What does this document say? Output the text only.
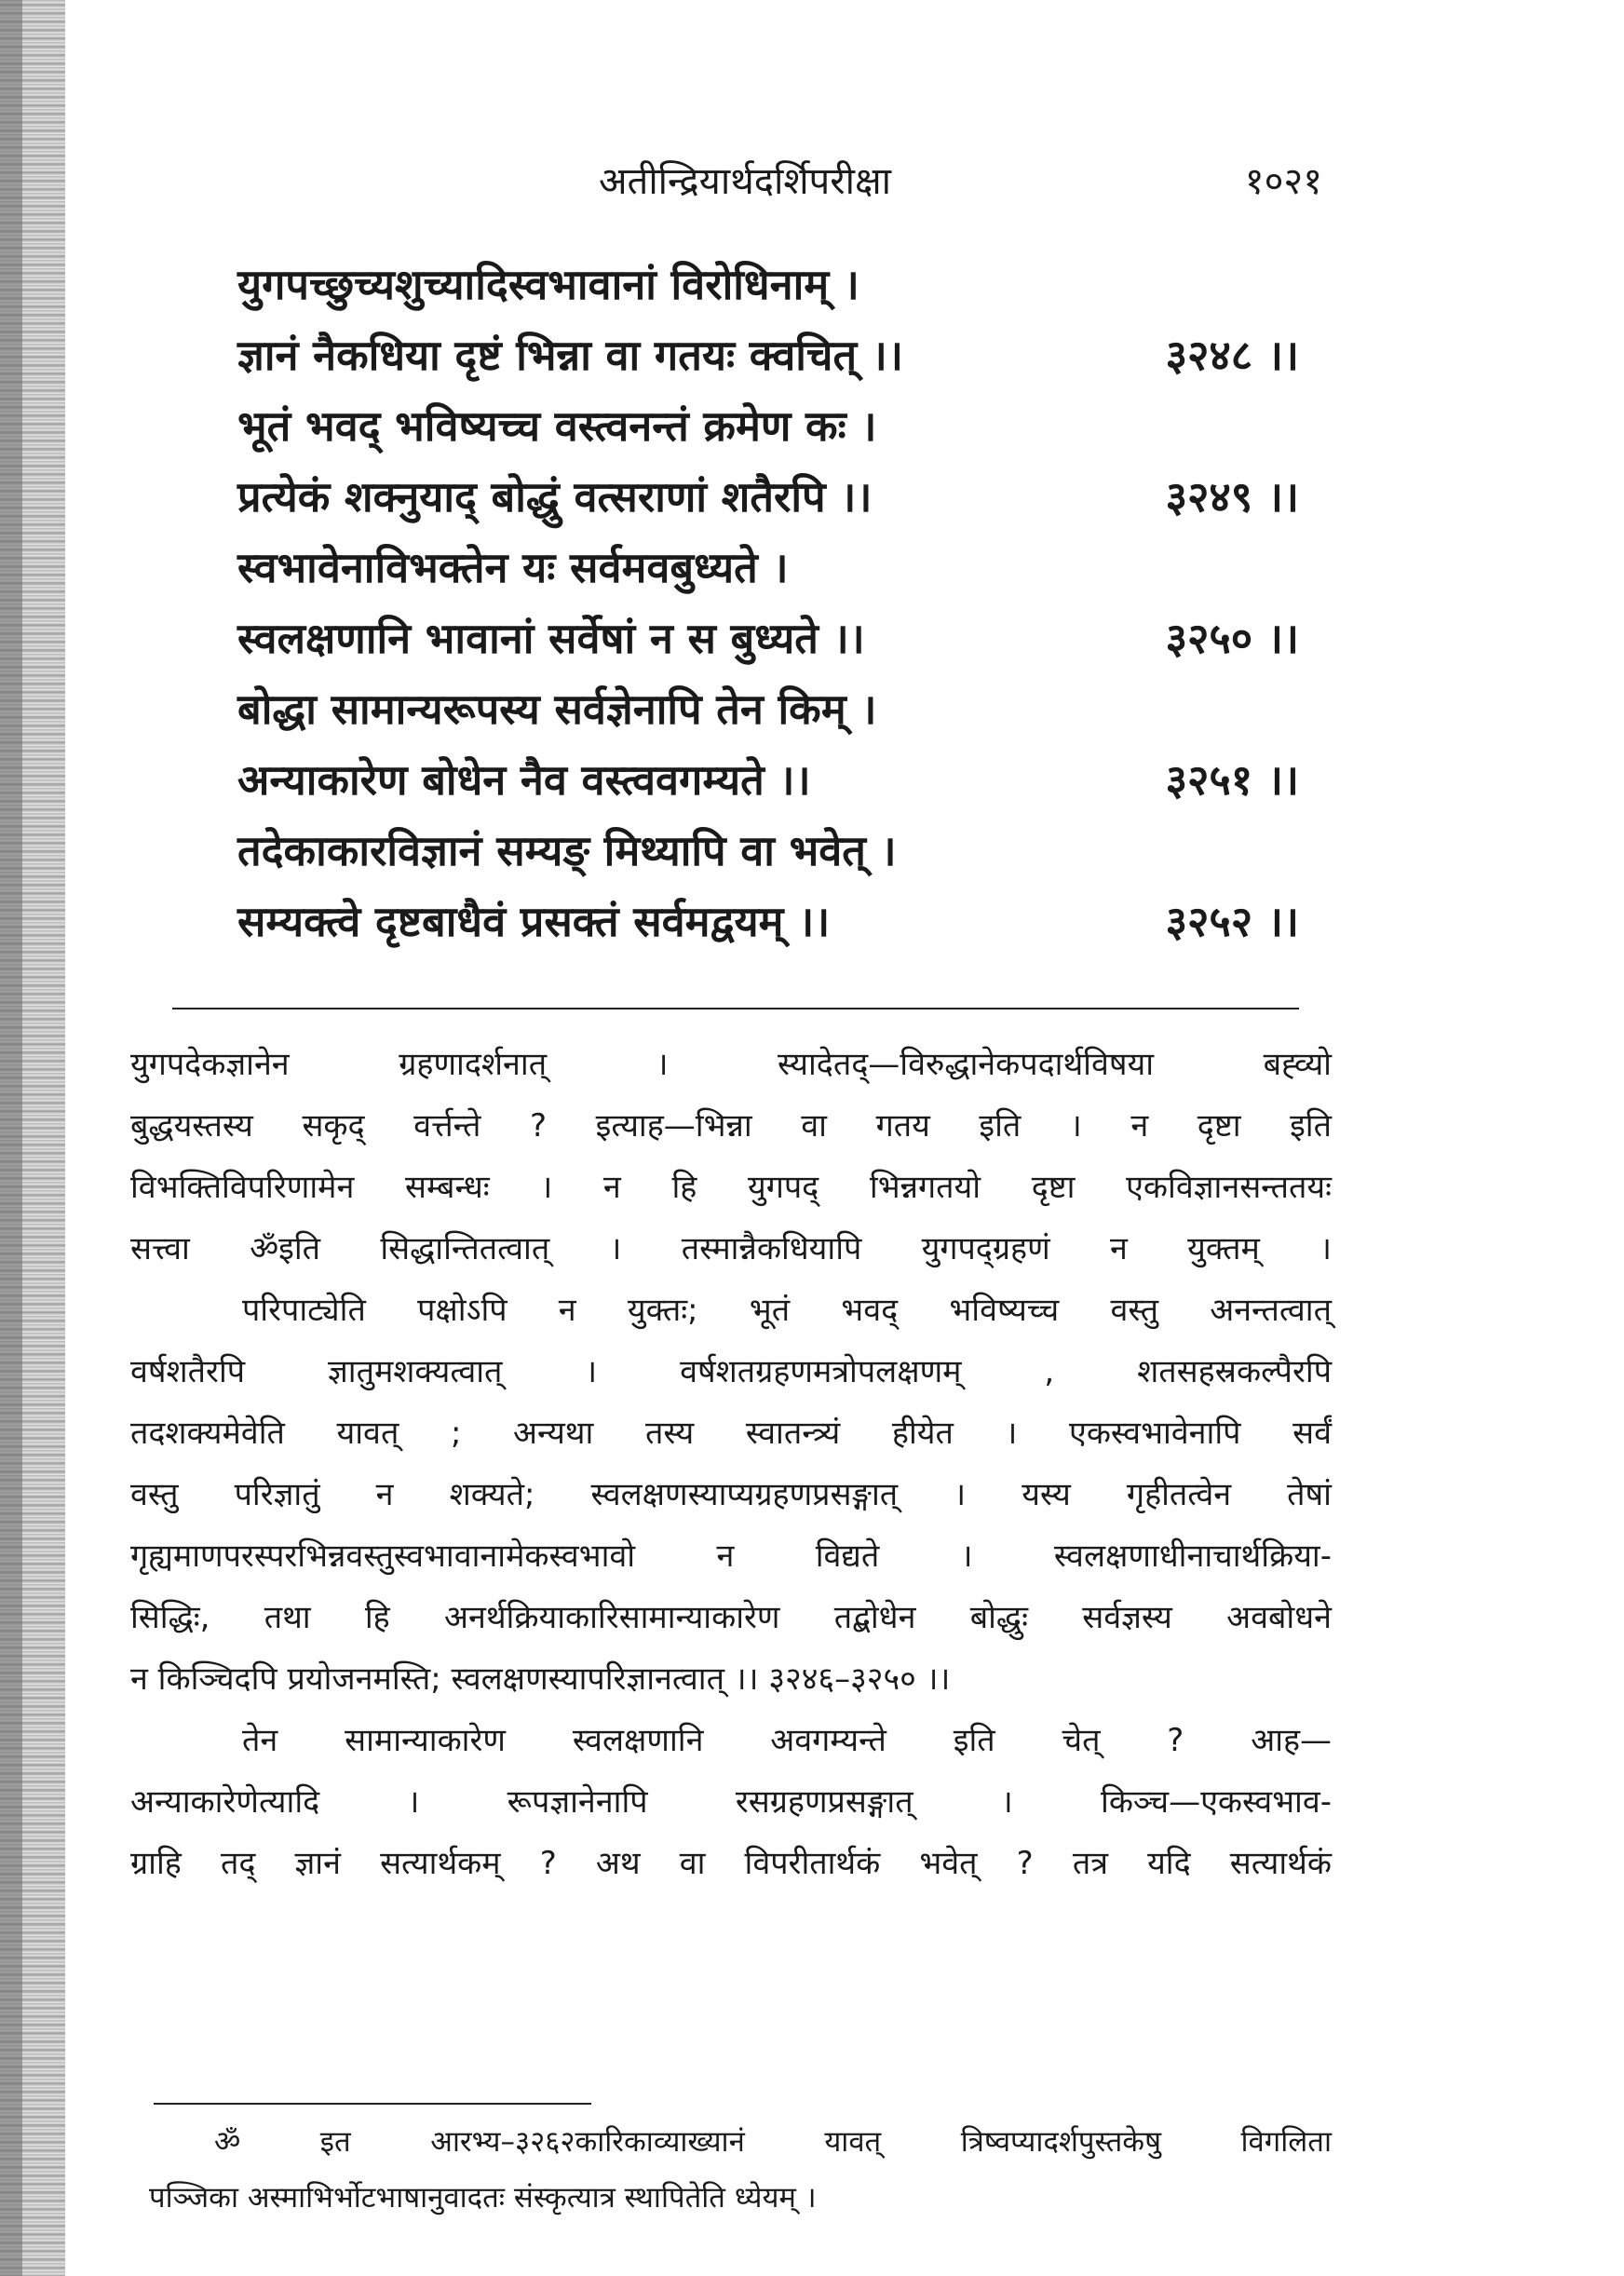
अतीन्द्रियार्थदर्शिपरीक्षा	१०२१
युगपच्छुच्यशुच्यादिस्वभावानां विरोधिनाम् ।
ज्ञानं नैकधिया दृष्टं भिन्ना वा गतयः क्वचित् ।।	३२४८ ।।
भूतं भवद् भविष्यच्च वस्त्वनन्तं क्रमेण कः ।
प्रत्येकं शक्नुयाद् बोद्धुं वत्सराणां शतैरपि ।।	३२४९ ।।
स्वभावेनाविभक्तेन यः सर्वमवबुध्यते ।
स्वलक्षणानि भावानां सर्वेषां न स बुध्यते ।।	३२५० ।।
बोद्धा सामान्यरूपस्य सर्वज्ञेनापि तेन किम् ।
अन्याकारेण बोधेन नैव वस्त्ववगम्यते ।।	३२५१ ।।
तदेकाकारविज्ञानं सम्यङ् मिथ्यापि वा भवेत् ।
सम्यक्त्वे दृष्टबाधैवं प्रसक्तं सर्वमद्वयम् ।।	३२५२ ।।
युगपदेकज्ञानेन ग्रहणादर्शनात् । स्यादेतद्—विरुद्धानेकपदार्थविषया बह्व्यो
बुद्धयस्तस्य सकृद् वर्त्तन्ते ? इत्याह—भिन्ना वा गतय इति । न दृष्टा इति
विभक्तिविपरिणामेन सम्बन्धः । न हि युगपद् भिन्नगतयो दृष्टा एकविज्ञानसन्ततयः
सत्त्वा ॐइति सिद्धान्तितत्वात् । तस्मान्नैकधियापि युगपद्ग्रहणं न युक्तम् ।
परिपाट्येति पक्षोऽपि न युक्तः; भूतं भवद् भविष्यच्च वस्तु अनन्तत्वात्
वर्षशतैरपि ज्ञातुमशक्यत्वात् । वर्षशतग्रहणमत्रोपलक्षणम् , शतसहस्रकल्पैरपि
तदशक्यमेवेति यावत् ; अन्यथा तस्य स्वातन्त्र्यं हीयेत । एकस्वभावेनापि सर्वं
वस्तु परिज्ञातुं न शक्यते; स्वलक्षणस्याप्यग्रहणप्रसङ्गात् । यस्य गृहीतत्वेन तेषां
गृह्यमाणपरस्परभिन्नवस्तुस्वभावानामेकस्वभावो न विद्यते । स्वलक्षणाधीनाचार्थक्रिया-
सिद्धिः, तथा हि अनर्थक्रियाकारिसामान्याकारेण तद्बोधेन बोद्धुः सर्वज्ञस्य अवबोधने
न किञ्चिदपि प्रयोजनमस्ति; स्वलक्षणस्यापरिज्ञानत्वात् ।। ३२४६–३२५० ।।
तेन सामान्याकारेण स्वलक्षणानि अवगम्यन्ते इति चेत् ? आह—
अन्याकारेणेत्यादि । रूपज्ञानेनापि रसग्रहणप्रसङ्गात् । किञ्च—एकस्वभाव-
ग्राहि तद् ज्ञानं सत्यार्थकम् ? अथ वा विपरीतार्थकं भवेत् ? तत्र यदि सत्यार्थकं
ॐ इत आरभ्य–३२६२कारिकाव्याख्यानं यावत् त्रिष्वप्यादर्शपुस्तकेषु विगलिता
पञ्जिका अस्माभिर्भोटभाषानुवादतः संस्कृत्यात्र स्थापितेति ध्येयम् ।
